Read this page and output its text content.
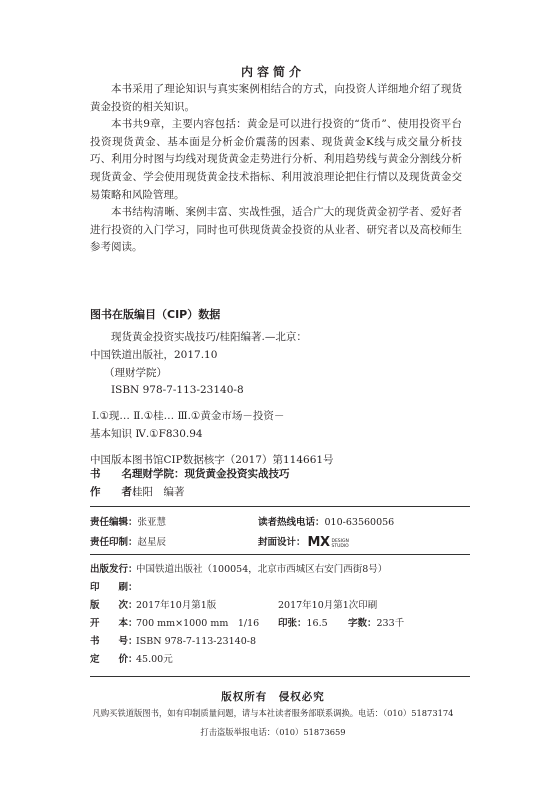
内容简介

本书采用了理论知识与真实案例相结合的方式，向投资人详细地介绍了现货黄金投资的相关知识。

本书共9章，主要内容包括：黄金是可以进行投资的“货币”、使用投资平台投资现货黄金、基本面是分析金价震荡的因素、现货黄金K线与成交量分析技巧、利用分时图与均线对现货黄金走势进行分析、利用趋势线与黄金分割线分析现货黄金、学会使用现货黄金技术指标、利用波浪理论把住行情以及现货黄金交易策略和风险管理。

本书结构清晰、案例丰富、实战性强，适合广大的现货黄金初学者、爱好者进行投资的入门学习，同时也可供现货黄金投资的从业者、研究者以及高校师生参考阅读。

图书在版编目（CIP）数据
现货黄金投资实战技巧/桂阳编著.—北京：
中国铁道出版社，2017.10
（理财学院）
ISBN 978-7-113-23140-8
Ⅰ.①现… Ⅱ.①桂… Ⅲ.①黄金市场－投资－
基本知识 Ⅳ.①F830.94
中国版本图书馆CIP数据核字（2017）第114661号
书　　名：理财学院：现货黄金投资实战技巧
作　　者：桂阳　编著
责任编辑：张亚慧	读者热线电话：010-63560056
责任印制：赵星辰	封面设计： MX DESIGN
STUDIO
出版发行：中国铁道出版社（100054，北京市西城区右安门西街8号）
印　　刷：
版　　次：2017年10月第1版	2017年10月第1次印刷
开　　本：700 mm×1000 mm　1/16 印张：16.5 字数：233千
书　　号：ISBN 978-7-113-23140-8
定　　价：45.00元
版权所有　侵权必究
凡购买铁道版图书，如有印制质量问题，请与本社读者服务部联系调换。电话：（010）51873174
打击盗版举报电话：（010）51873659
